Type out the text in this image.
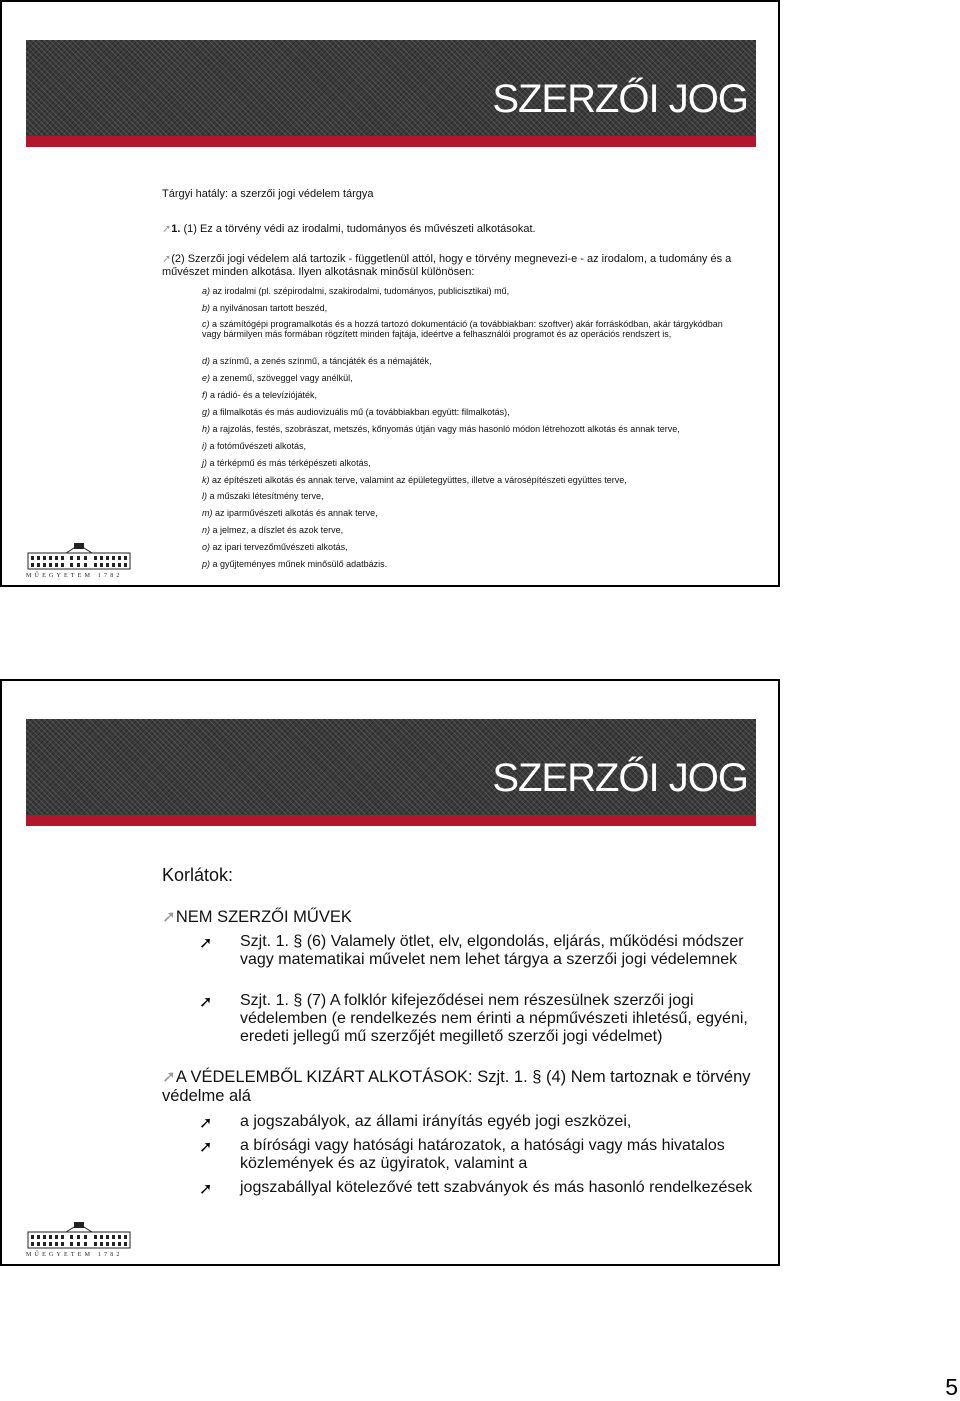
SZERZŐI JOG
Tárgyi hatály: a szerzői jogi védelem tárgya
➚1. (1) Ez a törvény védi az irodalmi, tudományos és művészeti alkotásokat.
➚(2) Szerzői jogi védelem alá tartozik - függetlenül attól, hogy e törvény megnevezi-e - az irodalom, a tudomány és a művészet minden alkotása. Ilyen alkotásnak minősül különösen:
a) az irodalmi (pl. szépirodalmi, szakirodalmi, tudományos, publicisztikai) mű,
b) a nyilvánosan tartott beszéd,
c) a számítógépi programalkotás és a hozzá tartozó dokumentáció (a továbbiakban: szoftver) akár forráskódban, akár tárgykódban vagy bármilyen más formában rögzített minden fajtája, ideértve a felhasználói programot és az operációs rendszert is,
d) a színmű, a zenés színmű, a táncjáték és a némajáték,
e) a zenemű, szöveggel vagy anélkül,
f) a rádió- és a televíziójáték,
g) a filmalkotás és más audiovizuális mű (a továbbiakban együtt: filmalkotás),
h) a rajzolás, festés, szobrászat, metszés, kőnyomás útján vagy más hasonló módon létrehozott alkotás és annak terve,
i) a fotóművészeti alkotás,
j) a térképmű és más térképészeti alkotás,
k) az építészeti alkotás és annak terve, valamint az épületegyüttes, illetve a városépítészeti együttes terve,
l) a műszaki létesítmény terve,
m) az iparművészeti alkotás és annak terve,
n) a jelmez, a díszlet és azok terve,
o) az ipari tervezőművészeti alkotás,
p) a gyűjteményes műnek minősülő adatbázis.
MŰEGYETEM 1782
SZERZŐI JOG
Korlátok:
➚NEM SZERZŐI MŰVEK
➚ Szjt. 1. § (6) Valamely ötlet, elv, elgondolás, eljárás, működési módszer vagy matematikai művelet nem lehet tárgya a szerzői jogi védelemnek
➚ Szjt. 1. § (7) A folklór kifejeződései nem részesülnek szerzői jogi védelemben (e rendelkezés nem érinti a népművészeti ihletésű, egyéni, eredeti jellegű mű szerzőjét megillető szerzői jogi védelmet)
➚A VÉDELEMBŐL KIZÁRT ALKOTÁSOK: Szjt. 1. § (4) Nem tartoznak e törvény védelme alá
➚ a jogszabályok, az állami irányítás egyéb jogi eszközei,
➚ a bírósági vagy hatósági határozatok, a hatósági vagy más hivatalos közlemények és az ügyiratok, valamint a
➚ jogszabállyal kötelezővé tett szabványok és más hasonló rendelkezések
MŰEGYETEM 1782
5
